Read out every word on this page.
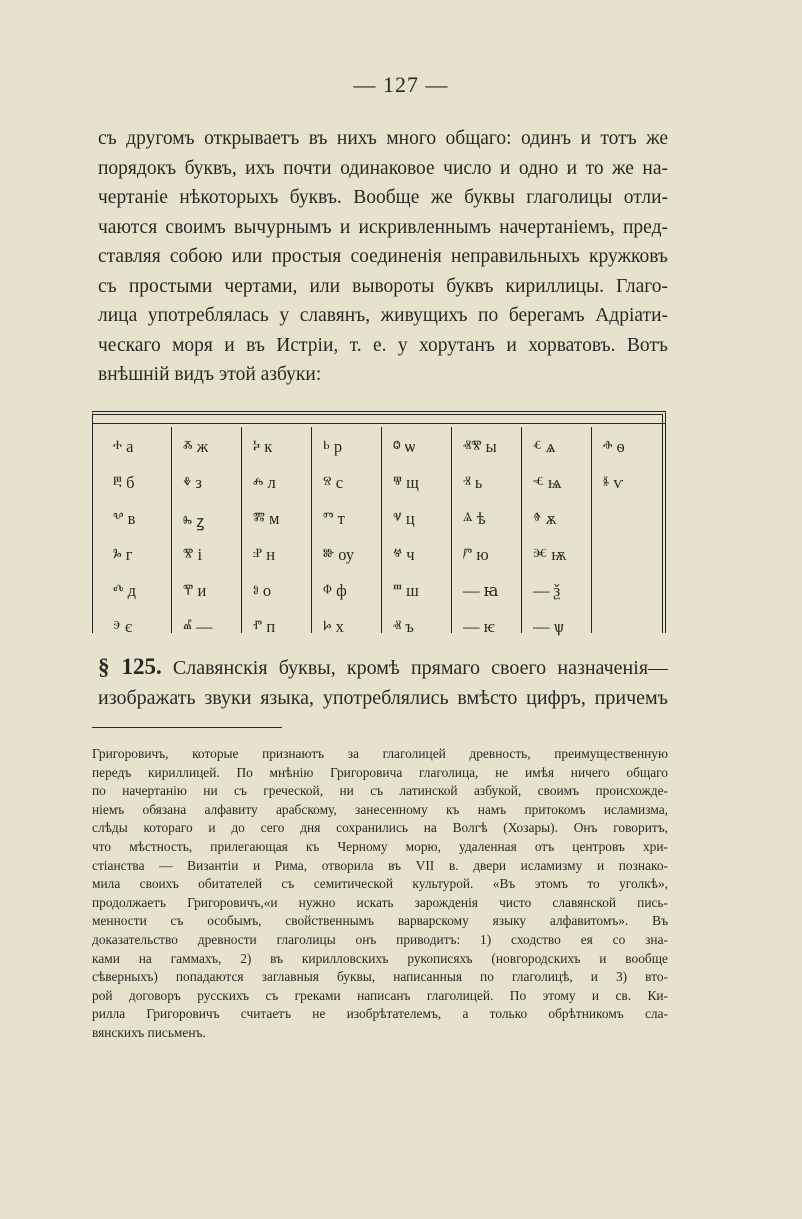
— 127 —

съ другомъ открываетъ въ нихъ много общаго: одинъ и тотъ же
порядокъ буквъ, ихъ почти одинаковое число и одно и то же на-
чертаніе нѣкоторыхъ буквъ. Вообще же буквы глаголицы отли-
чаются своимъ вычурнымъ и искривленнымъ начертаніемъ, пред-
ставляя собою или простыя соединенія неправильныхъ кружковъ
съ простыми чертами, или вывороты буквъ кириллицы. Глаго-
лица употреблялась у славянъ, живущихъ по берегамъ Адріати-
ческаго моря и въ Истріи, т. е. у хорутанъ и хорватовъ. Вотъ
внѣшній видъ этой азбуки:

ⰰ а
ⰱ б
ⰲ в
ⰳ г
ⰴ д
ⰵ є
ⰶ ж
ⰷ з
ⰸ ꙁ
ⰺ і
ⰹ и
ⰼ —
ⰽ к
ⰾ л
ⰿ м
ⱀ н
ⱁ о
ⱂ п
ⱃ р
ⱄ с
ⱅ т
ⱆ оу
ⱇ ф
ⱈ х
ⱉ ѡ
ⱋ щ
ⱌ ц
ⱍ ч
ⱎ ш
ⱏ ъ
ⱏⰺ ы
ⱐ ь
ⱑ ѣ
ⱓ ю
— ꙗ
— ѥ
ⱔ ѧ
ⱕ ѩ
ⱖ ѫ
ⱗ ѭ
— ѯ
— ѱ
ⱚ ѳ
ⱛ ѵ

§ 125. Славянскія буквы, кромѣ прямаго своего назначенія—
изображать звуки языка, употреблялись вмѣсто цифръ, причемъ

Григоровичъ, которые признаютъ за глаголицей древность, преимущественную
передъ кириллицей. По мнѣнію Григоровича глаголица, не имѣя ничего общаго
по начертанію ни съ греческой, ни съ латинской азбукой, своимъ происхожде-
ніемъ обязана алфавиту арабскому, занесенному къ намъ притокомъ исламизма,
слѣды котораго и до сего дня сохранились на Волгѣ (Хозары). Онъ говоритъ,
что мѣстность, прилегающая къ Черному морю, удаленная отъ центровъ хри-
стіанства — Византіи и Рима, отворила въ VII в. двери исламизму и познако-
мила своихъ обитателей съ семитической культурой. «Въ этомъ то уголкѣ»,
продолжаетъ Григоровичъ,«и нужно искать зарожденія чисто славянской пись-
менности съ особымъ, свойственнымъ варварскому языку алфавитомъ». Въ
доказательство древности глаголицы онъ приводитъ: 1) сходство ея со зна-
ками на гаммахъ, 2) въ кирилловскихъ рукописяхъ (новгородскихъ и вообще
сѣверныхъ) попадаются заглавныя буквы, написанныя по глаголицѣ, и 3) вто-
рой договоръ русскихъ съ греками написанъ глаголицей. По этому и св. Ки-
рилла Григоровичъ считаетъ не изобрѣтателемъ, а только обрѣтникомъ сла-
вянскихъ письменъ.
